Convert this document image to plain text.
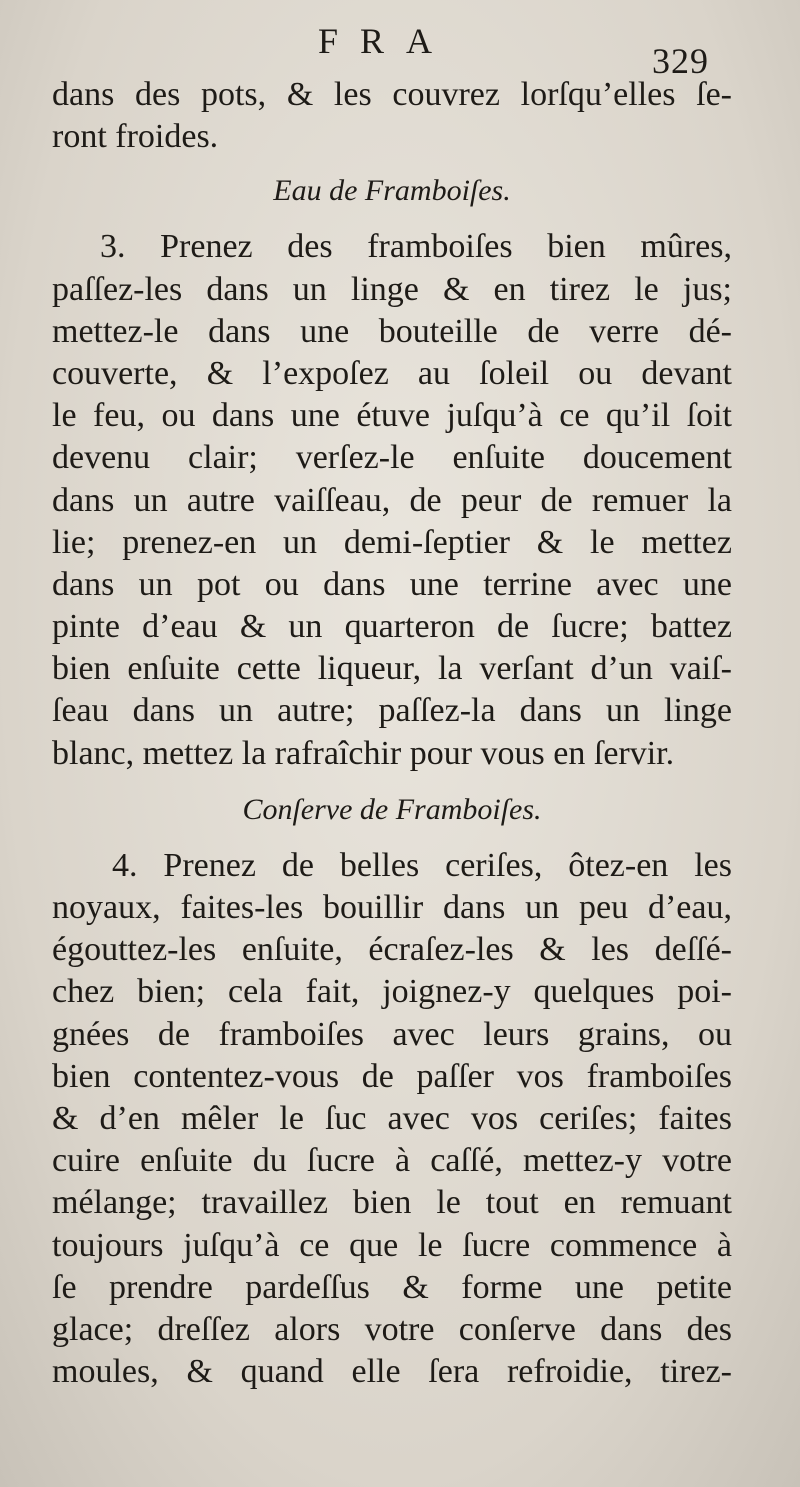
FRA	329
dans des pots, & les couvrez lorſqu’elles ſe-
ront froides.
Eau de Framboiſes.
3. Prenez des framboiſes bien mûres,
paſſez-les dans un linge & en tirez le jus;
mettez-le dans une bouteille de verre dé-
couverte, & l’expoſez au ſoleil ou devant
le feu, ou dans une étuve juſqu’à ce qu’il ſoit
devenu clair; verſez-le enſuite doucement
dans un autre vaiſſeau, de peur de remuer la
lie; prenez-en un demi-ſeptier & le mettez
dans un pot ou dans une terrine avec une
pinte d’eau & un quarteron de ſucre; battez
bien enſuite cette liqueur, la verſant d’un vaiſ-
ſeau dans un autre; paſſez-la dans un linge
blanc, mettez la rafraîchir pour vous en ſervir.
Conſerve de Framboiſes.
4. Prenez de belles ceriſes, ôtez-en les
noyaux, faites-les bouillir dans un peu d’eau,
égouttez-les enſuite, écraſez-les & les deſſé-
chez bien; cela fait, joignez-y quelques poi-
gnées de framboiſes avec leurs grains, ou
bien contentez-vous de paſſer vos framboiſes
& d’en mêler le ſuc avec vos ceriſes; faites
cuire enſuite du ſucre à caſſé, mettez-y votre
mélange; travaillez bien le tout en remuant
toujours juſqu’à ce que le ſucre commence à
ſe prendre pardeſſus & forme une petite
glace; dreſſez alors votre conſerve dans des
moules, & quand elle ſera refroidie, tirez-
